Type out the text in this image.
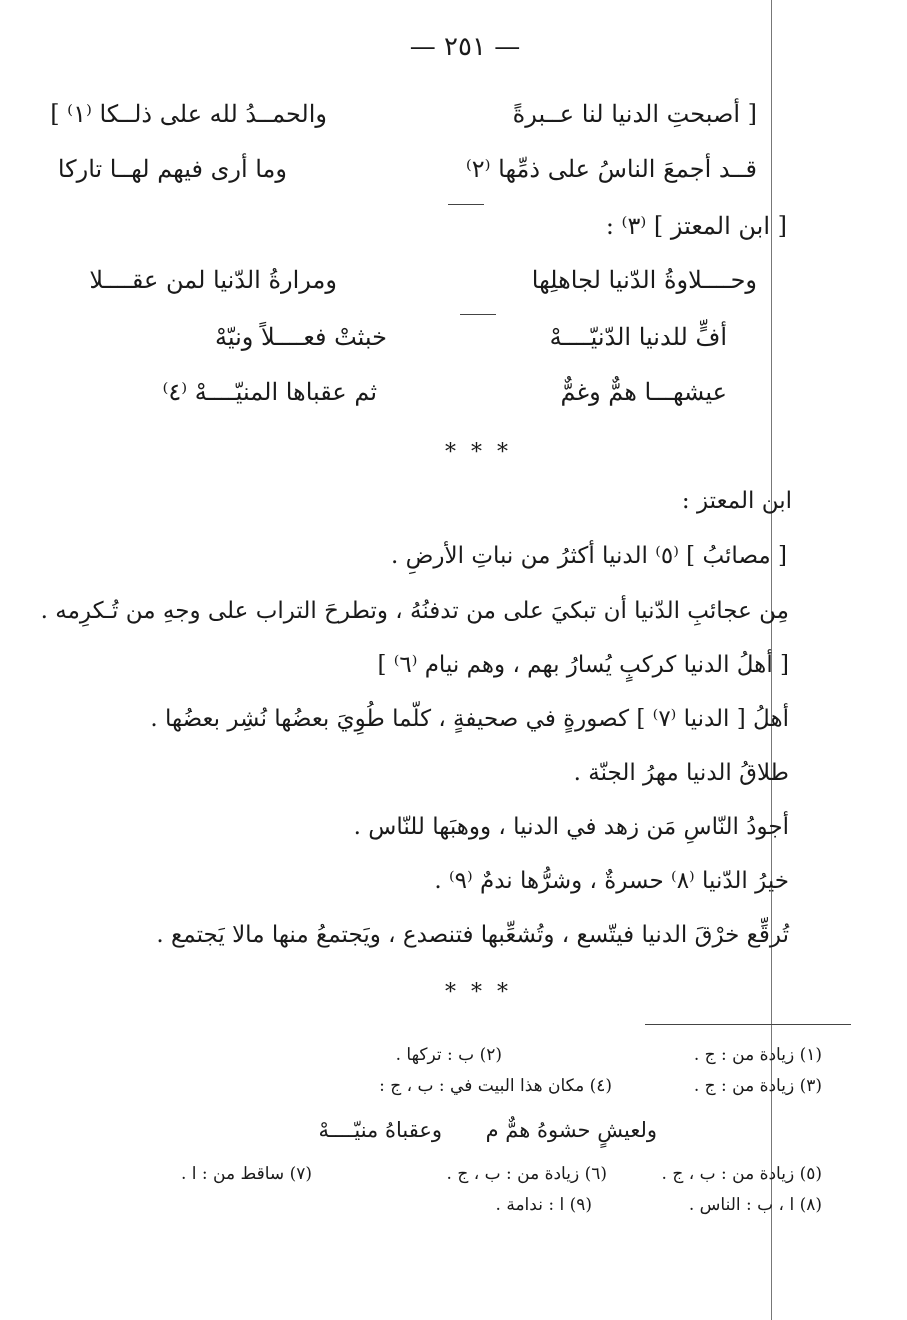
— ٢٥١ —
والحمــدُ لله على ذلــكا ⁽١⁾ ]	[ أصبحتِ الدنيا لنا عــبرةً
وما أرى فيهم لهــا تاركا	قــد أجمعَ الناسُ على ذمِّها ⁽٢⁾
[ ابن المعتز ] ⁽٣⁾ :
ومرارةُ الدّنيا لمن عقــــلا	وحــــلاوةُ الدّنيا لجاهلِها
خبثتْ فعــــلاً ونيّهْ	أفٍّ للدنيا الدّنيّــــهْ
ثم عقباها المنيّــــهْ ⁽٤⁾	عيشهـــا همٌّ وغمٌّ
* * *
ابن المعتز :
[ مصائبُ ] ⁽٥⁾ الدنيا أكثرُ من نباتِ الأرضِ .
مِن عجائبِ الدّنيا أن تبكيَ على من تدفنُهُ ، وتطرحَ التراب على وجهِ من تُـكرِمه .
[ أهلُ الدنيا كركبٍ يُسارُ بهم ، وهم نيام ⁽٦⁾ ]
أهلُ [ الدنيا ⁽٧⁾ ] كصورةٍ في صحيفةٍ ، كلّما طُوِيَ بعضُها نُشِر بعضُها .
طلاقُ الدنيا مهرُ الجنّة .
أجودُ النّاسِ مَن زهد في الدنيا ، ووهبَها للنّاس .
خيرُ الدّنيا ⁽٨⁾ حسرةٌ ، وشرُّها ندمٌ ⁽٩⁾ .
تُرقِّع خرْقَ الدنيا فيتّسع ، وتُشعِّبها فتنصدع ، ويَجتمعُ منها مالا يَجتمع .
* * *
(١) زيادة من : ج .
(٢) ب : تركها .
(٣) زيادة من : ج .
(٤) مكان هذا البيت في : ب ، ج :
وعقباهُ منيّــــهْ ولعيشٍ حشوهُ همٌّ م
(٥) زيادة من : ب ، ج .
(٦) زيادة من : ب ، ج .
(٧) ساقط من : ا .
(٨) ا ، ب : الناس .
(٩) ا : ندامة .
